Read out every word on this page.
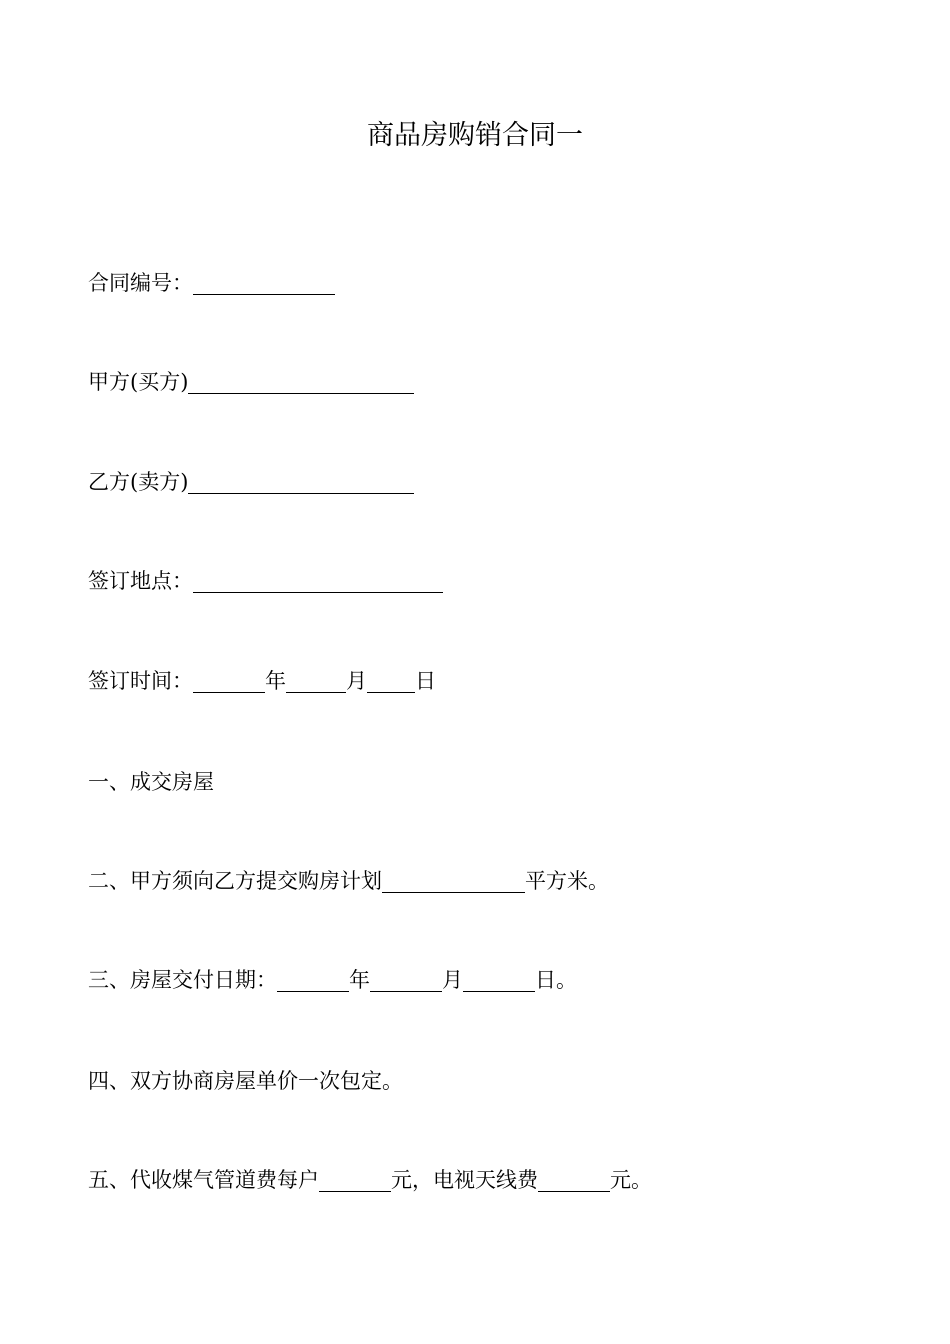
商品房购销合同一
合同编号：
甲方(买方)
乙方(卖方)
签订地点：
签订时间：	年	月 日
一、成交房屋
二、甲方须向乙方提交购房计划	平方米。
三、房屋交付日期：	年	月	日。
四、双方协商房屋单价一次包定。
五、代收煤气管道费每户	元，电视天线费	元。
